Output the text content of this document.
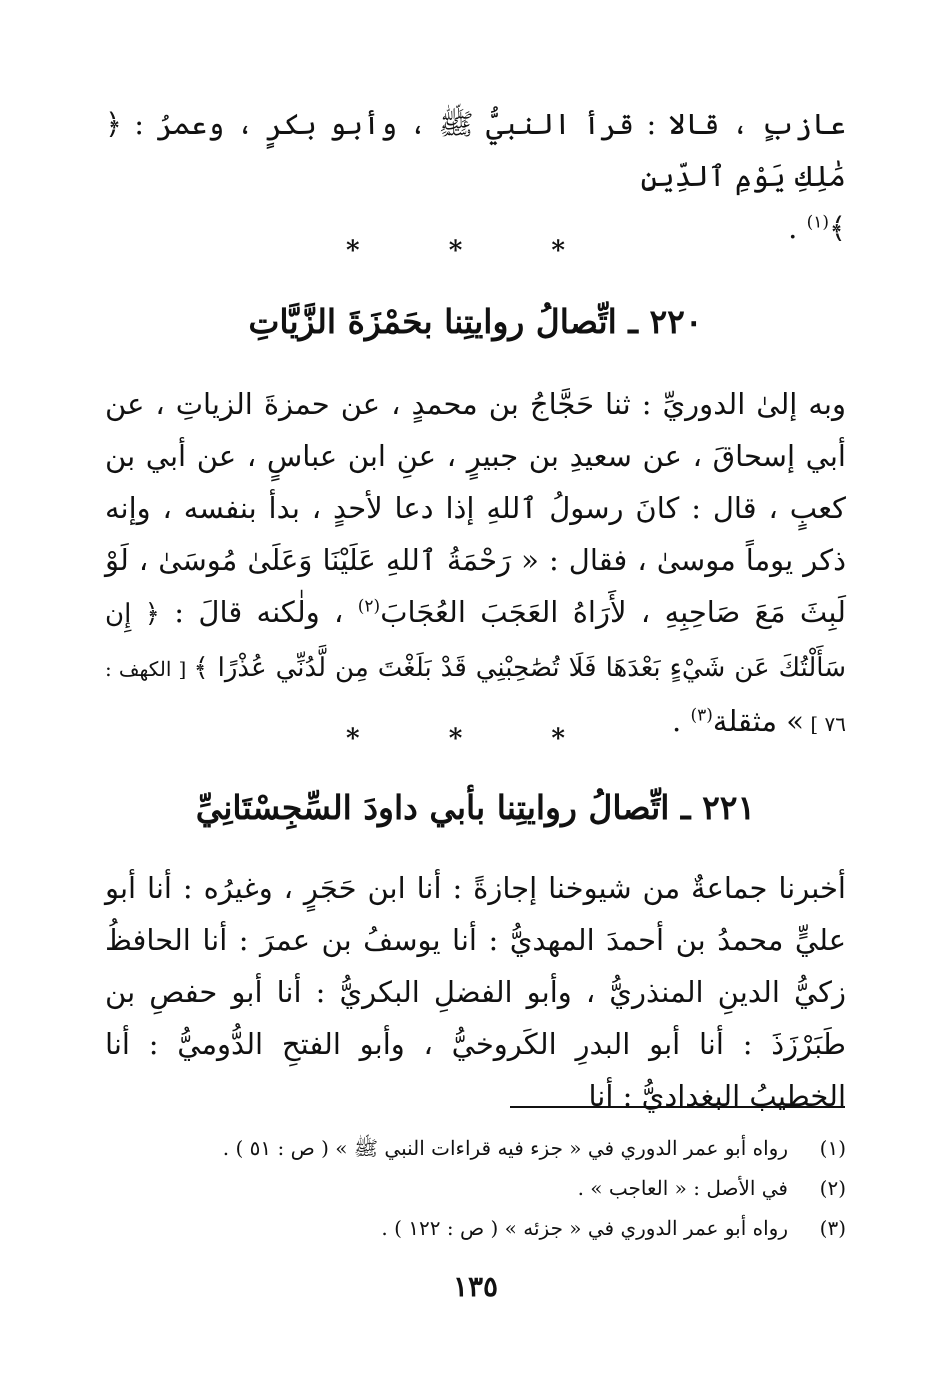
عازبٍ ، قالا : قرأ النبيُّ ﷺ ، وأبو بكرٍ ، وعمرُ : ﴿ مَٰلِكِ يَوْمِ ٱلدِّينِ
﴾$^{(١)}$ .
* * *
٢٢٠ ـ اتِّصالُ روايتِنا بحَمْزَةَ الزَّيَّاتِ
وبه إلىٰ الدوريِّ : ثنا حَجَّاجُ بن محمدٍ ، عن حمزةَ الزياتِ ، عن أبي إسحاقَ ، عن سعيدِ بن جبيرٍ ، عنِ ابن عباسٍ ، عن أبي بن كعبٍ ، قال : كانَ رسولُ ٱللهِ إذا دعا لأحدٍ ، بدأ بنفسه ، وإنه ذكر يوماً موسىٰ ، فقال : « رَحْمَةُ ٱللهِ عَلَيْنَا وَعَلَىٰ مُوسَىٰ ، لَوْ لَبِثَ مَعَ صَاحِبِهِ ، لأَرَاهُ العَجَبَ العُجَابَ$^{(٢)}$ ، ولٰكنه قالَ : ﴿ إِن سَأَلْتُكَ عَن شَيْءٍ بَعْدَهَا فَلَا تُصَٰحِبْنِي قَدْ بَلَغْتَ مِن لَّدُنِّي عُذْرًا ﴾ [ الكهف : ٧٦ ] » مثقلة$^{(٣)}$ .
* * *
٢٢١ ـ اتِّصالُ روايتِنا بأبي داودَ السِّجِسْتَانِيِّ
أخبرنا جماعةٌ من شيوخنا إجازةً : أنا ابن حَجَرٍ ، وغيرُه : أنا أبو عليٍّ محمدُ بن أحمدَ المهديُّ : أنا يوسفُ بن عمرَ : أنا الحافظُ زكيُّ الدينِ المنذريُّ ، وأبو الفضلِ البكريُّ : أنا أبو حفصِ بن طَبَرْزَذَ : أنا أبو البدرِ الكَروخيُّ ، وأبو الفتحِ الدُّوميُّ : أنا الخطيبُ البغداديُّ : أنا
(١)
رواه أبو عمر الدوري في « جزء فيه قراءات النبي ﷺ » ( ص : ٥١ ) .
(٢)
في الأصل : « العاجب » .
(٣)
رواه أبو عمر الدوري في « جزئه » ( ص : ١٢٢ ) .
١٣٥
